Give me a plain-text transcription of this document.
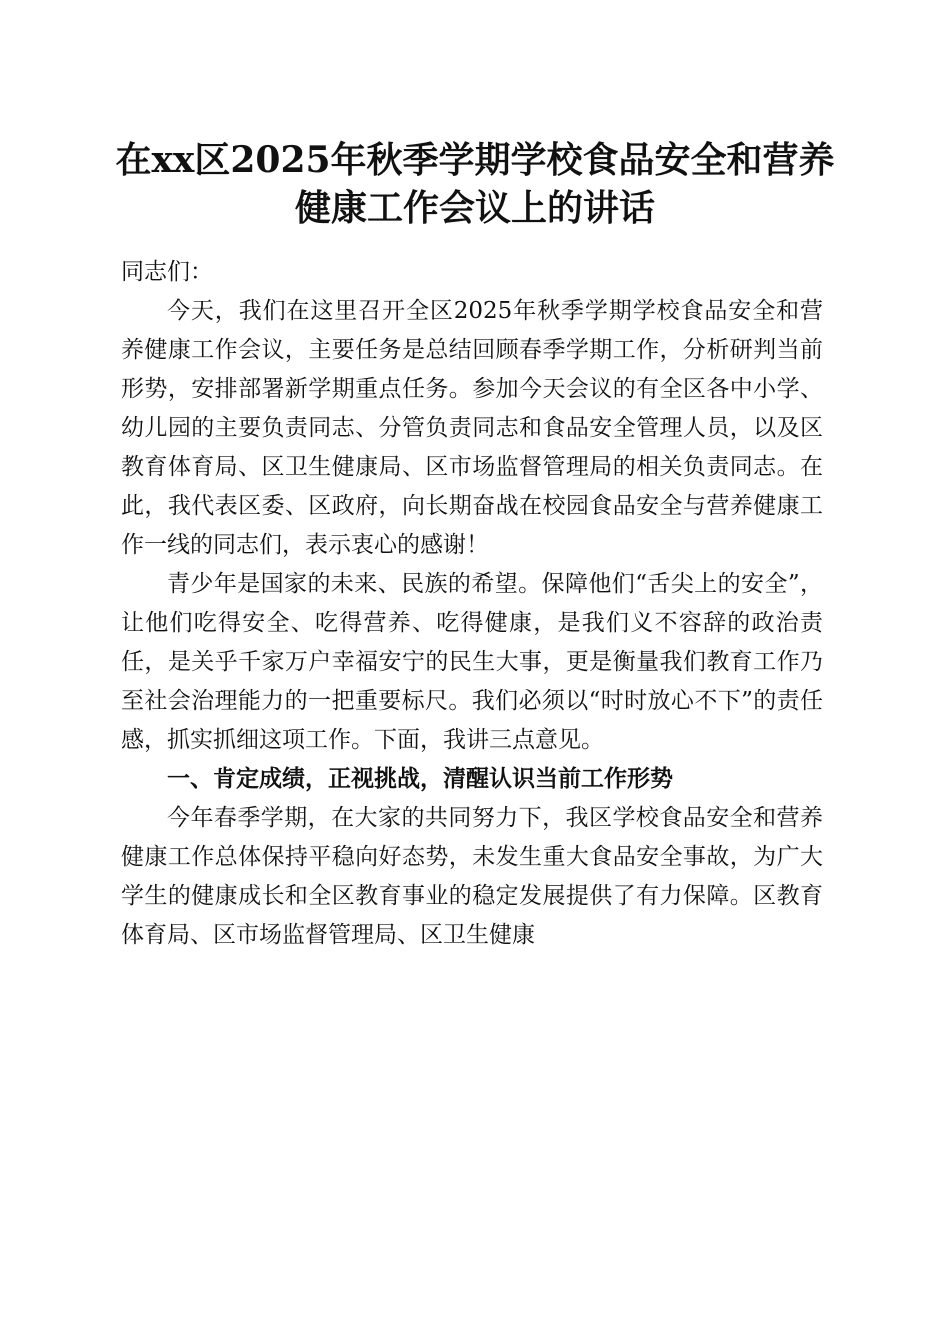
在xx区2025年秋季学期学校食品安全和营养
健康工作会议上的讲话

同志们：

今天，我们在这里召开全区2025年秋季学期学校食品安全和营养健康工作会议，主要任务是总结回顾春季学期工作，分析研判当前形势，安排部署新学期重点任务。参加今天会议的有全区各中小学、幼儿园的主要负责同志、分管负责同志和食品安全管理人员，以及区教育体育局、区卫生健康局、区市场监督管理局的相关负责同志。在此，我代表区委、区政府，向长期奋战在校园食品安全与营养健康工作一线的同志们，表示衷心的感谢！

青少年是国家的未来、民族的希望。保障他们“舌尖上的安全”，让他们吃得安全、吃得营养、吃得健康，是我们义不容辞的政治责任，是关乎千家万户幸福安宁的民生大事，更是衡量我们教育工作乃至社会治理能力的一把重要标尺。我们必须以“时时放心不下”的责任感，抓实抓细这项工作。下面，我讲三点意见。

一、肯定成绩，正视挑战，清醒认识当前工作形势

今年春季学期，在大家的共同努力下，我区学校食品安全和营养健康工作总体保持平稳向好态势，未发生重大食品安全事故，为广大学生的健康成长和全区教育事业的稳定发展提供了有力保障。区教育体育局、区市场监督管理局、区卫生健康
